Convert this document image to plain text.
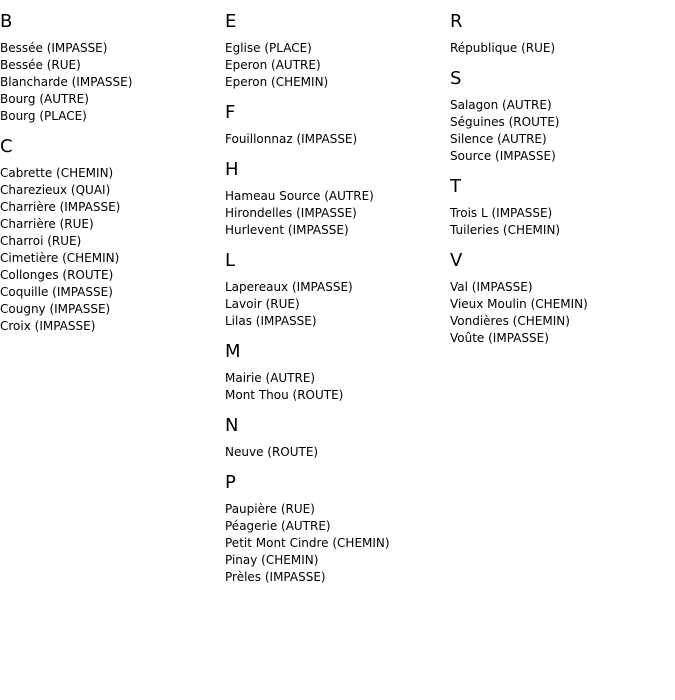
B
Bessée (IMPASSE)
Bessée (RUE)
Blancharde (IMPASSE)
Bourg (AUTRE)
Bourg (PLACE)
C
Cabrette (CHEMIN)
Charezieux (QUAI)
Charrière (IMPASSE)
Charrière (RUE)
Charroi (RUE)
Cimetière (CHEMIN)
Collonges (ROUTE)
Coquille (IMPASSE)
Cougny (IMPASSE)
Croix (IMPASSE)
E
Eglise (PLACE)
Eperon (AUTRE)
Eperon (CHEMIN)
F
Fouillonnaz (IMPASSE)
H
Hameau Source (AUTRE)
Hirondelles (IMPASSE)
Hurlevent (IMPASSE)
L
Lapereaux (IMPASSE)
Lavoir (RUE)
Lilas (IMPASSE)
M
Mairie (AUTRE)
Mont Thou (ROUTE)
N
Neuve (ROUTE)
P
Paupière (RUE)
Péagerie (AUTRE)
Petit Mont Cindre (CHEMIN)
Pinay (CHEMIN)
Prèles (IMPASSE)
R
République (RUE)
S
Salagon (AUTRE)
Séguines (ROUTE)
Silence (AUTRE)
Source (IMPASSE)
T
Trois L (IMPASSE)
Tuileries (CHEMIN)
V
Val (IMPASSE)
Vieux Moulin (CHEMIN)
Vondières (CHEMIN)
Voûte (IMPASSE)
